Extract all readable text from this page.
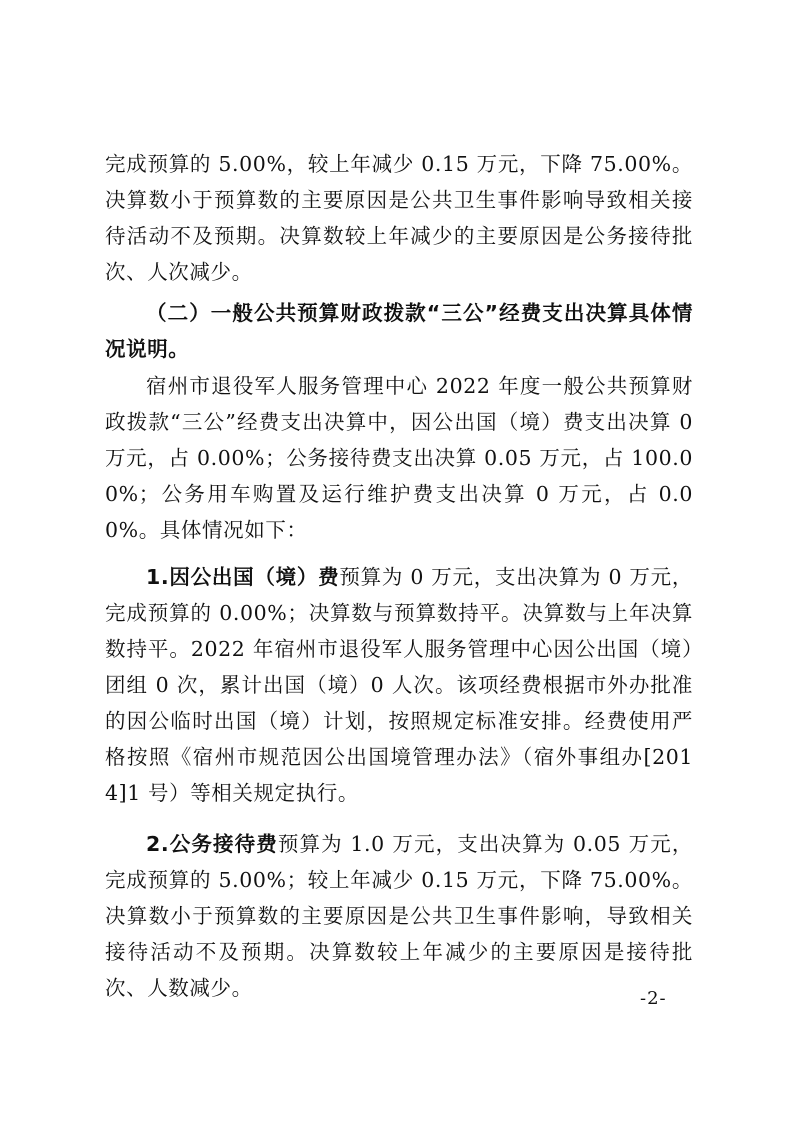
完成预算的 5.00%，较上年减少 0.15 万元，下降 75.00%。决算数小于预算数的主要原因是公共卫生事件影响导致相关接待活动不及预期。决算数较上年减少的主要原因是公务接待批次、人次减少。

（二）一般公共预算财政拨款“三公”经费支出决算具体情况说明。

宿州市退役军人服务管理中心 2022 年度一般公共预算财政拨款“三公”经费支出决算中，因公出国（境）费支出决算 0 万元，占 0.00%；公务接待费支出决算 0.05 万元，占 100.00%；公务用车购置及运行维护费支出决算 0 万元，占 0.00%。具体情况如下：

1.因公出国（境）费预算为 0 万元，支出决算为 0 万元，完成预算的 0.00%；决算数与预算数持平。决算数与上年决算数持平。2022 年宿州市退役军人服务管理中心因公出国（境）团组 0 次，累计出国（境）0 人次。该项经费根据市外办批准的因公临时出国（境）计划，按照规定标准安排。经费使用严格按照《宿州市规范因公出国境管理办法》（宿外事组办[2014]1 号）等相关规定执行。

2.公务接待费预算为 1.0 万元，支出决算为 0.05 万元，完成预算的 5.00%；较上年减少 0.15 万元，下降 75.00%。决算数小于预算数的主要原因是公共卫生事件影响，导致相关接待活动不及预期。决算数较上年减少的主要原因是接待批次、人数减少。	-2-
